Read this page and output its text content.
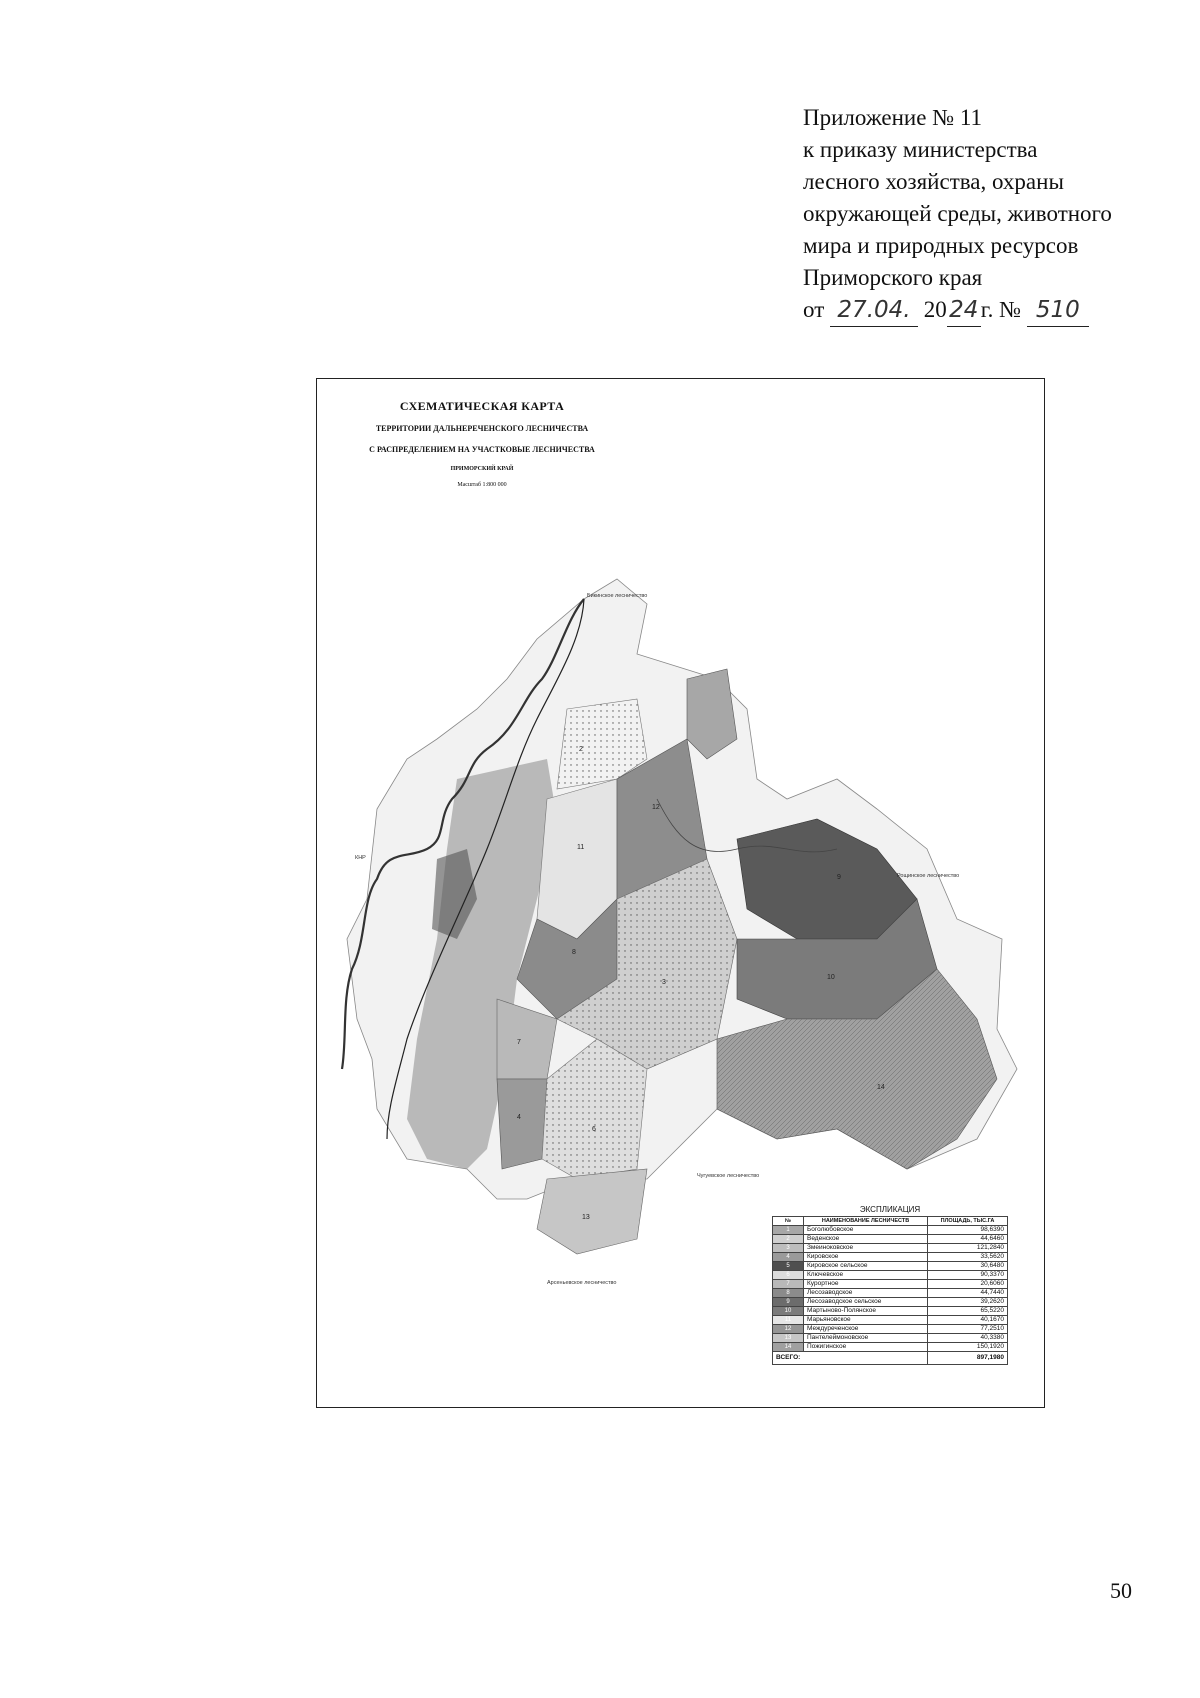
Приложение № 11
к приказу министерства
лесного хозяйства, охраны
окружающей среды, животного
мира и природных ресурсов
Приморского края
от 27.04. 20 24 г. № 510
СХЕМАТИЧЕСКАЯ КАРТА
ТЕРРИТОРИИ ДАЛЬНЕРЕЧЕНСКОГО ЛЕСНИЧЕСТВА
С РАСПРЕДЕЛЕНИЕМ НА УЧАСТКОВЫЕ ЛЕСНИЧЕСТВА
ПРИМОРСКИЙ КРАЙ
Масштаб 1:800 000
2
12
11
8
7
3
4
6
13
9
10
14
КНР
Бикинское лесничество
Рощинское лесничество
Чугуевское лесничество
Арсеньевское лесничество
ЭКСПЛИКАЦИЯ
№	НАИМЕНОВАНИЕ ЛЕСНИЧЕСТВ	ПЛОЩАДЬ, ТЫС.ГА

1	Боголюбовское	98,6390

2	Веденское	44,6460

3	Змеиноковское	121,2840

4	Кировское	33,5620

5	Кировское сельское	30,6480

6	Ключевское	90,3370

7	Курортное	20,6060

8	Лесозаводское	44,7440

9	Лесозаводское сельское	39,2620

10	Мартыново-Полянское	65,5220

11	Марьяновское	40,1670

12	Междуреченское	77,2510

13	Пантелеймоновское	40,3380

14	Пожигинское	150,1920
ВСЕГО:		897,1980
50
